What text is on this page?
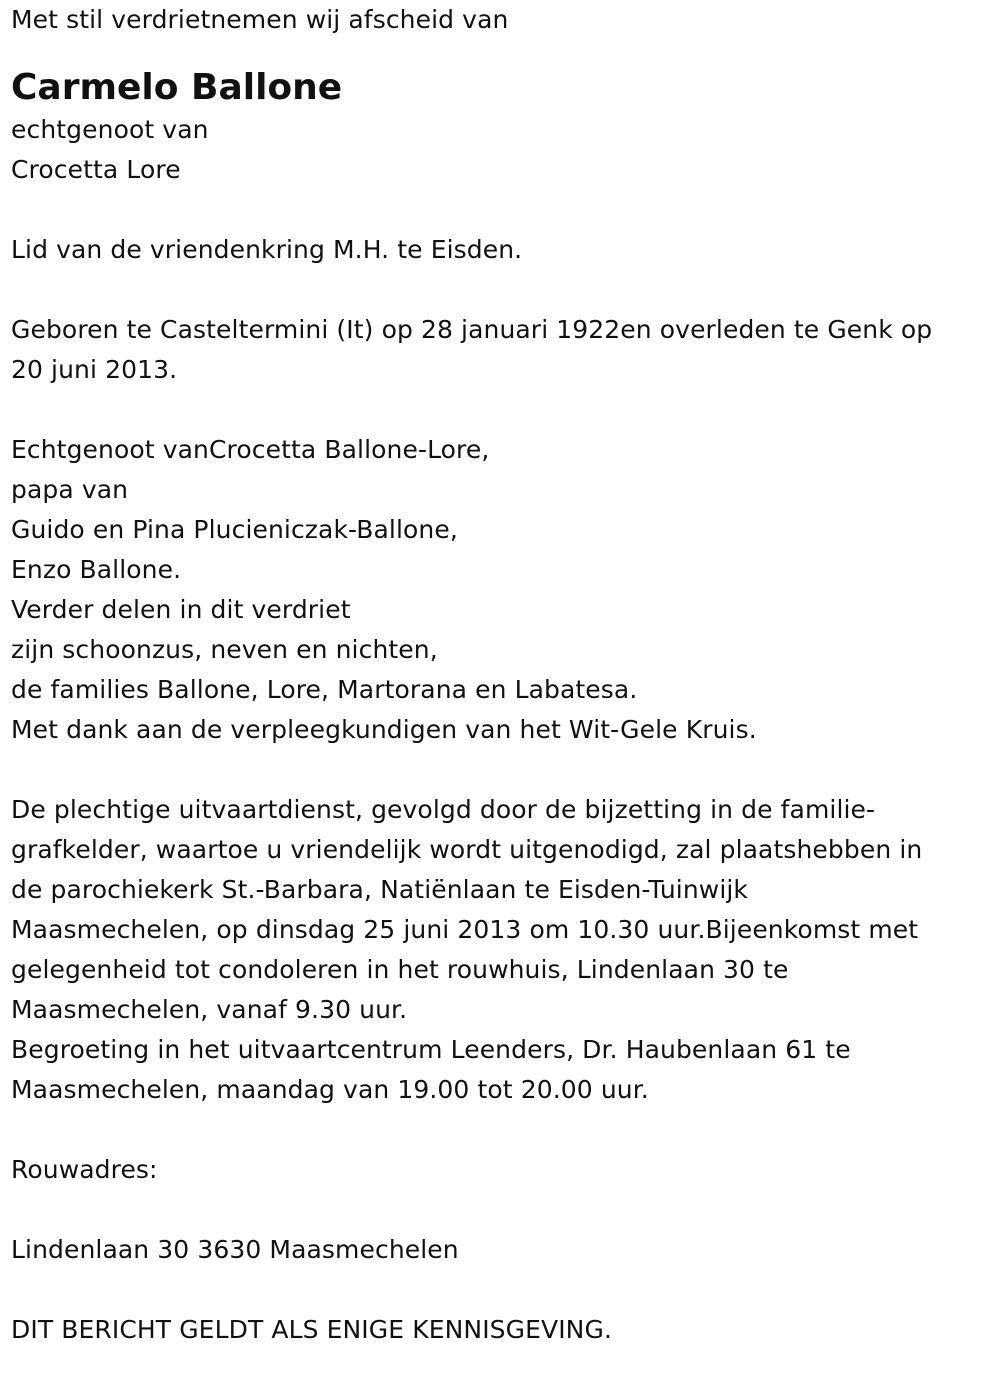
Met stil verdrietnemen wij afscheid van
Carmelo Ballone
echtgenoot van
Crocetta Lore
Lid van de vriendenkring M.H. te Eisden.
Geboren te Casteltermini (It) op 28 januari 1922en overleden te Genk op
20 juni 2013.
Echtgenoot vanCrocetta Ballone-Lore,
papa van
Guido en Pina Plucieniczak-Ballone,
Enzo Ballone.
Verder delen in dit verdriet
zijn schoonzus, neven en nichten,
de families Ballone, Lore, Martorana en Labatesa.
Met dank aan de verpleegkundigen van het Wit-Gele Kruis.
De plechtige uitvaartdienst, gevolgd door de bijzetting in de familie-
grafkelder, waartoe u vriendelijk wordt uitgenodigd, zal plaatshebben in
de parochiekerk St.-Barbara, Natiënlaan te Eisden-Tuinwijk
Maasmechelen, op dinsdag 25 juni 2013 om 10.30 uur.Bijeenkomst met
gelegenheid tot condoleren in het rouwhuis, Lindenlaan 30 te
Maasmechelen, vanaf 9.30 uur.
Begroeting in het uitvaartcentrum Leenders, Dr. Haubenlaan 61 te
Maasmechelen, maandag van 19.00 tot 20.00 uur.
Rouwadres:
Lindenlaan 30 3630 Maasmechelen
DIT BERICHT GELDT ALS ENIGE KENNISGEVING.
